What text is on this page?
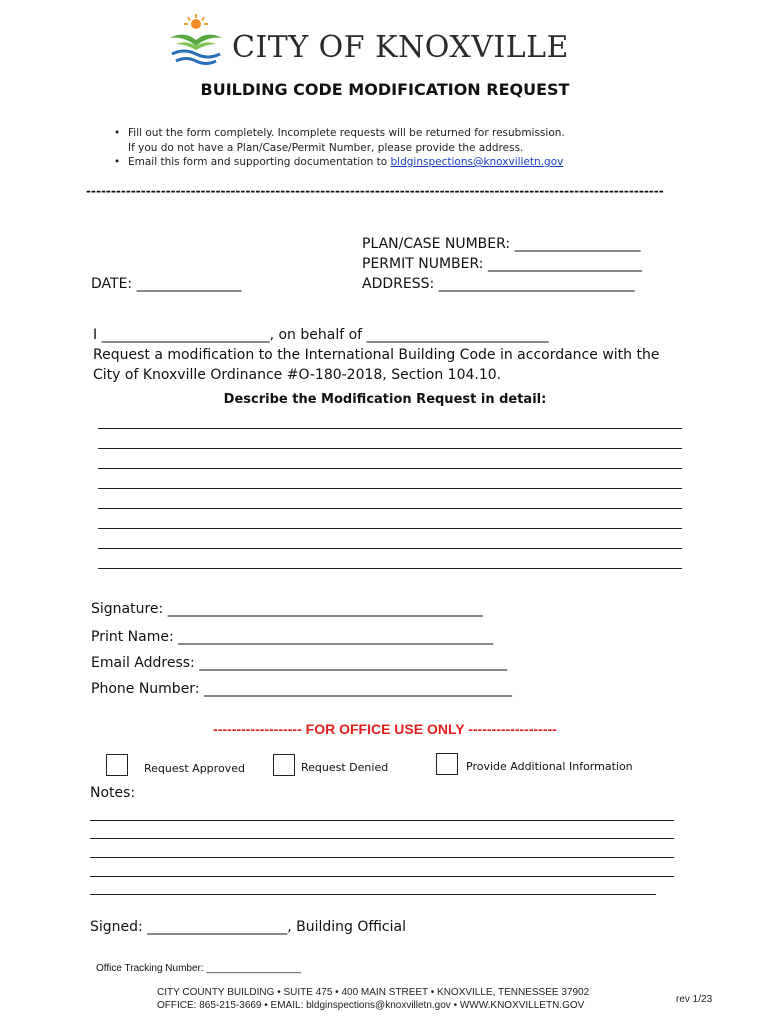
CITY OF KNOXVILLE
BUILDING CODE MODIFICATION REQUEST
• Fill out the form completely. Incomplete requests will be returned for resubmission.
If you do not have a Plan/Case/Permit Number, please provide the address.
• Email this form and supporting documentation to bldginspections@knoxvilletn.gov
--------------------------------------------------------------------------------------------------------------------
PLAN/CASE NUMBER: __________________
PERMIT NUMBER: ______________________
ADDRESS: ____________________________
DATE: _______________
I ________________________, on behalf of __________________________
Request a modification to the International Building Code in accordance with the
City of Knoxville Ordinance #O-180-2018, Section 104.10.
Describe the Modification Request in detail:
Signature: _____________________________________________
Print Name: _____________________________________________
Email Address: ____________________________________________
Phone Number: ____________________________________________
------------------- FOR OFFICE USE ONLY -------------------
Request Approved	Request Denied	Provide Additional Information
Notes:
Signed: ____________________, Building Official
Office Tracking Number: _________________
CITY COUNTY BUILDING • SUITE 475 • 400 MAIN STREET • KNOXVILLE, TENNESSEE 37902
OFFICE: 865-215-3669 • EMAIL: bldginspections@knoxvilletn.gov • WWW.KNOXVILLETN.GOV
rev 1/23
